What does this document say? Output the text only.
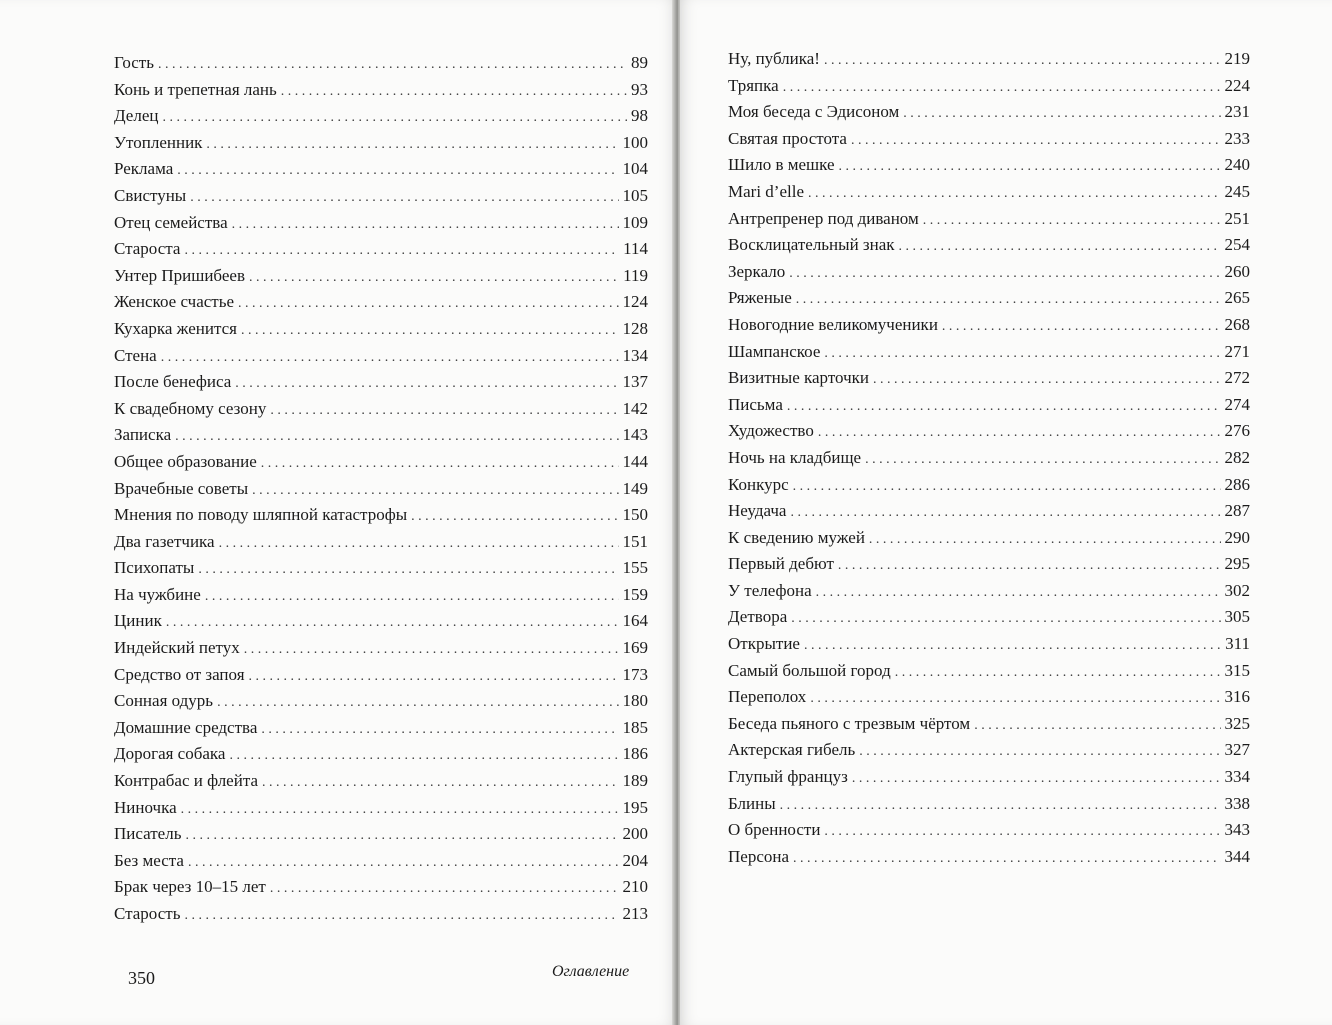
Гость . . .	89
Конь и трепетная лань . . .	93
Делец . . .	98
Утопленник . . .	100
Реклама . . .	104
Свистуны . . .	105
Отец семейства . . .	109
Староста . . .	114
Унтер Пришибеев . . .	119
Женское счастье . . .	124
Кухарка женится . . .	128
Стена . . .	134
После бенефиса . . .	137
К свадебному сезону . . .	142
Записка . . .	143
Общее образование . . .	144
Врачебные советы . . .	149
Мнения по поводу шляпной катастрофы . . .	150
Два газетчика . . .	151
Психопаты . . .	155
На чужбине . . .	159
Циник . . .	164
Индейский петух . . .	169
Средство от запоя . . .	173
Сонная одурь . . .	180
Домашние средства . . .	185
Дорогая собака . . .	186
Контрабас и флейта . . .	189
Ниночка . . .	195
Писатель . . .	200
Без места . . .	204
Брак через 10–15 лет . . .	210
Старость . . .	213
350	Оглавление
Ну, публика! . . .	219
Тряпка . . .	224
Моя беседа с Эдисоном . . .	231
Святая простота . . .	233
Шило в мешке . . .	240
Mari d’elle . . .	245
Антрепренер под диваном . . .	251
Восклицательный знак . . .	254
Зеркало . . .	260
Ряженые . . .	265
Новогодние великомученики . . .	268
Шампанское . . .	271
Визитные карточки . . .	272
Письма . . .	274
Художество . . .	276
Ночь на кладбище . . .	282
Конкурс . . .	286
Неудача . . .	287
К сведению мужей . . .	290
Первый дебют . . .	295
У телефона . . .	302
Детвора . . .	305
Открытие . . .	311
Самый большой город . . .	315
Переполох . . .	316
Беседа пьяного с трезвым чёртом . . .	325
Актерская гибель . . .	327
Глупый француз . . .	334
Блины . . .	338
О бренности . . .	343
Персона . . .	344
